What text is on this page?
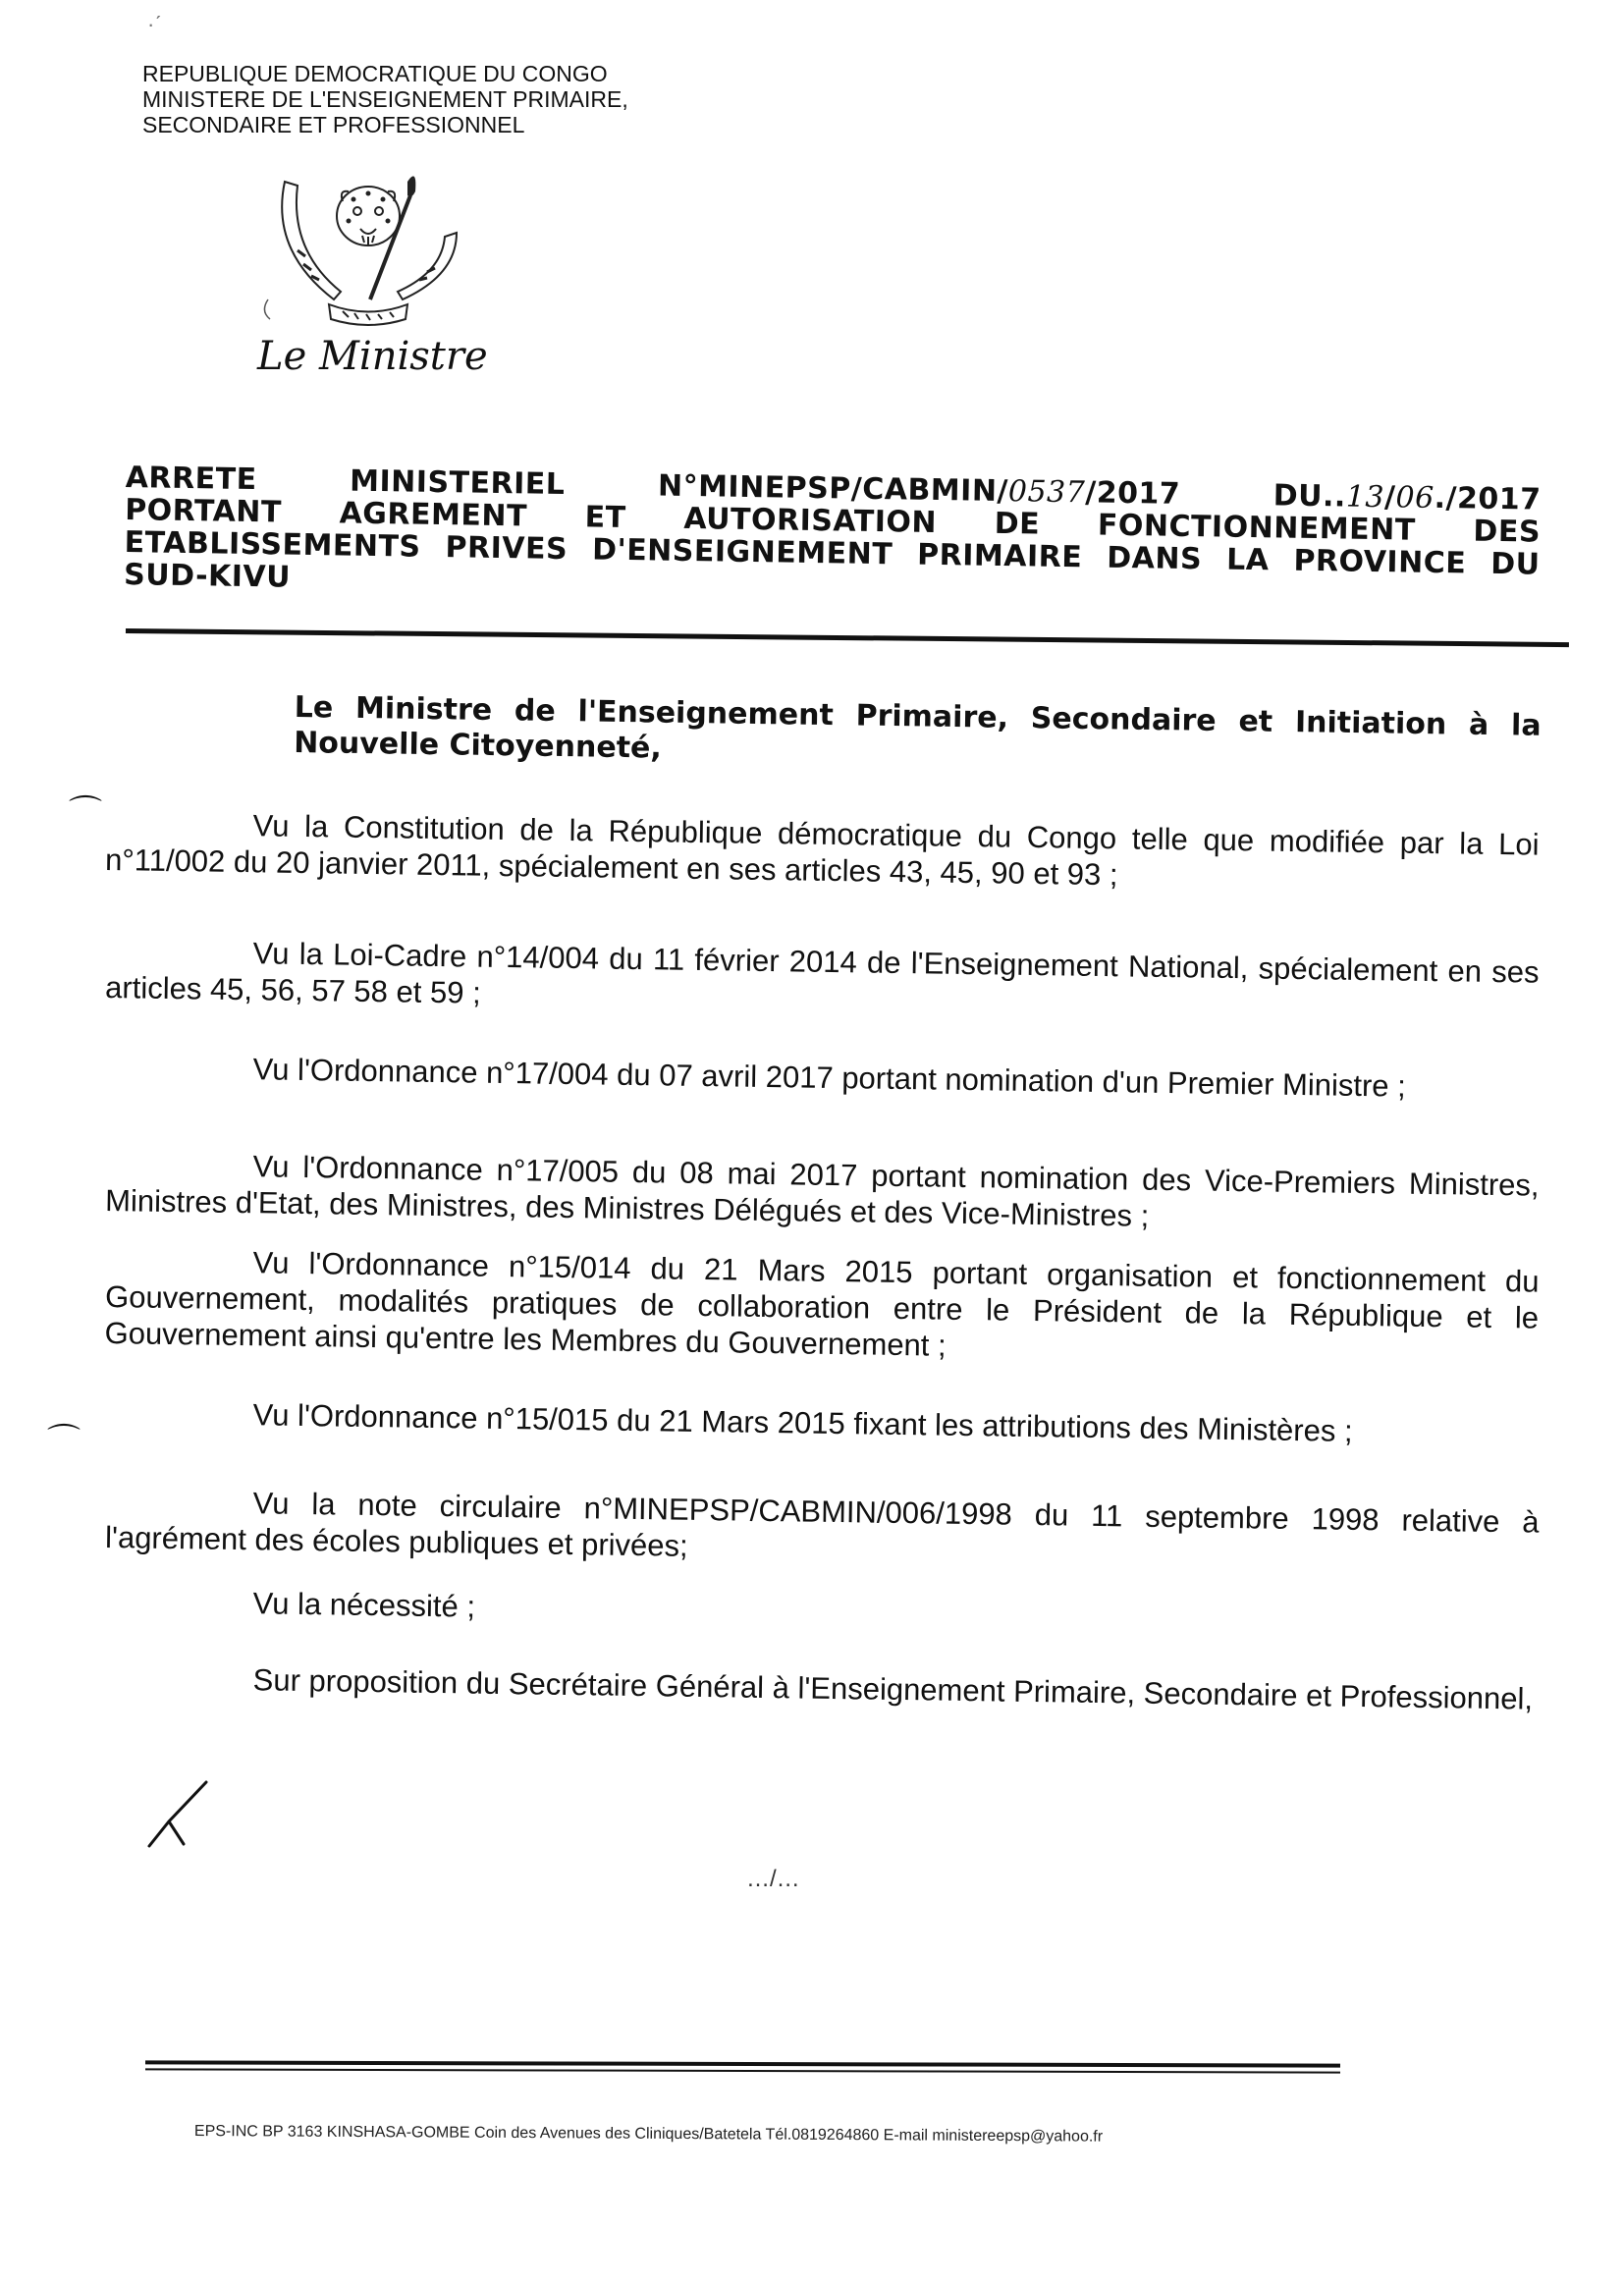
·ˊ
REPUBLIQUE DEMOCRATIQUE DU CONGO
MINISTERE DE L'ENSEIGNEMENT PRIMAIRE,
SECONDAIRE ET PROFESSIONNEL
Le Ministre
ARRETE	MINISTERIEL	N°MINEPSP/CABMIN/0537/2017	DU..13/06./2017
PORTANT AGREMENT ET AUTORISATION DE FONCTIONNEMENT DES
ETABLISSEMENTS PRIVES D'ENSEIGNEMENT PRIMAIRE DANS LA PROVINCE DU
SUD-KIVU
Le Ministre de l'Enseignement Primaire, Secondaire et Initiation à la Nouvelle Citoyenneté,
⌒
⌒

Vu la Constitution de la République démocratique du Congo telle que modifiée par la Loi n°11/002 du 20 janvier 2011, spécialement en ses articles 43, 45, 90 et 93 ;

Vu la Loi-Cadre n°14/004 du 11 février 2014 de l'Enseignement National, spécialement en ses articles 45, 56, 57 58 et 59 ;

Vu l'Ordonnance n°17/004 du 07 avril 2017 portant nomination d'un Premier Ministre ;

Vu l'Ordonnance n°17/005 du 08 mai 2017 portant nomination des Vice-Premiers Ministres, Ministres d'Etat, des Ministres, des Ministres Délégués et des Vice-Ministres ;

Vu l'Ordonnance n°15/014 du 21 Mars 2015 portant organisation et fonctionnement du Gouvernement, modalités pratiques de collaboration entre le Président de la République et le Gouvernement ainsi qu'entre les Membres du Gouvernement ;

Vu l'Ordonnance n°15/015 du 21 Mars 2015 fixant les attributions des Ministères ;

Vu la note circulaire n°MINEPSP/CABMIN/006/1998 du 11 septembre 1998 relative à l'agrément des écoles publiques et privées;

Vu la nécessité ;

Sur proposition du Secrétaire Général à l'Enseignement Primaire, Secondaire et Professionnel,

…/…
EPS-INC BP 3163 KINSHASA-GOMBE Coin des Avenues des Cliniques/Batetela Tél.0819264860 E-mail ministereepsp@yahoo.fr
